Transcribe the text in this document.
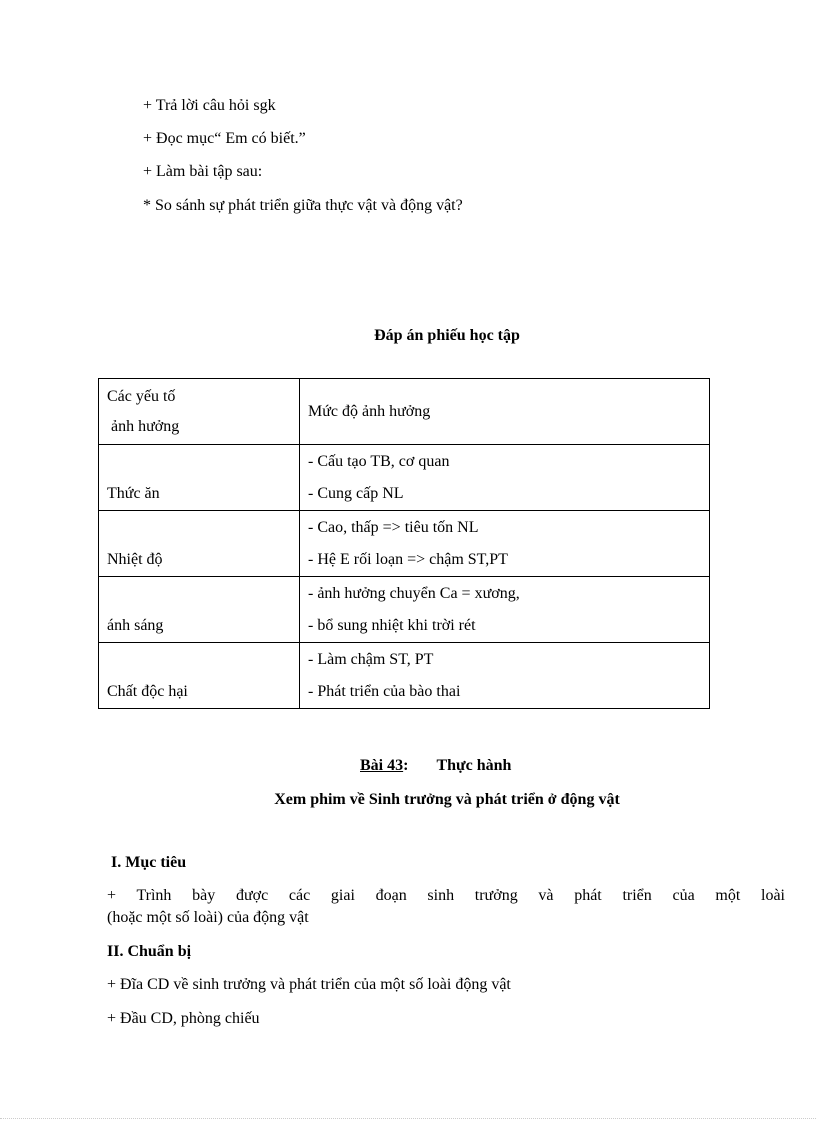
+ Trả lời câu hỏi sgk
+ Đọc mục“ Em có biết.”
+ Làm bài tập sau:
* So sánh sự phát triển giữa thực vật và động vật?
Đáp án phiếu học tập
Các yếu tố
ảnh hưởng	Mức độ ảnh hưởng
Thức ăn	- Cấu tạo TB, cơ quan
- Cung cấp NL

Nhiệt độ	- Cao, thấp => tiêu tốn NL
- Hệ E rối loạn => chậm ST,PT

ánh sáng	- ảnh hưởng chuyển Ca = xương,
- bổ sung nhiệt khi trời rét

Chất độc hại	- Làm chậm ST, PT
- Phát triển của bào thai
Bài 43: Thực hành
Xem phim về Sinh trưởng và phát triển ở động vật
I. Mục tiêu
+ Trình bày được các giai đoạn sinh trưởng và phát triển của một loài
(hoặc một số loài) của động vật
II. Chuẩn bị
+ Đĩa CD về sinh trưởng và phát triển của một số loài động vật
+ Đầu CD, phòng chiếu
